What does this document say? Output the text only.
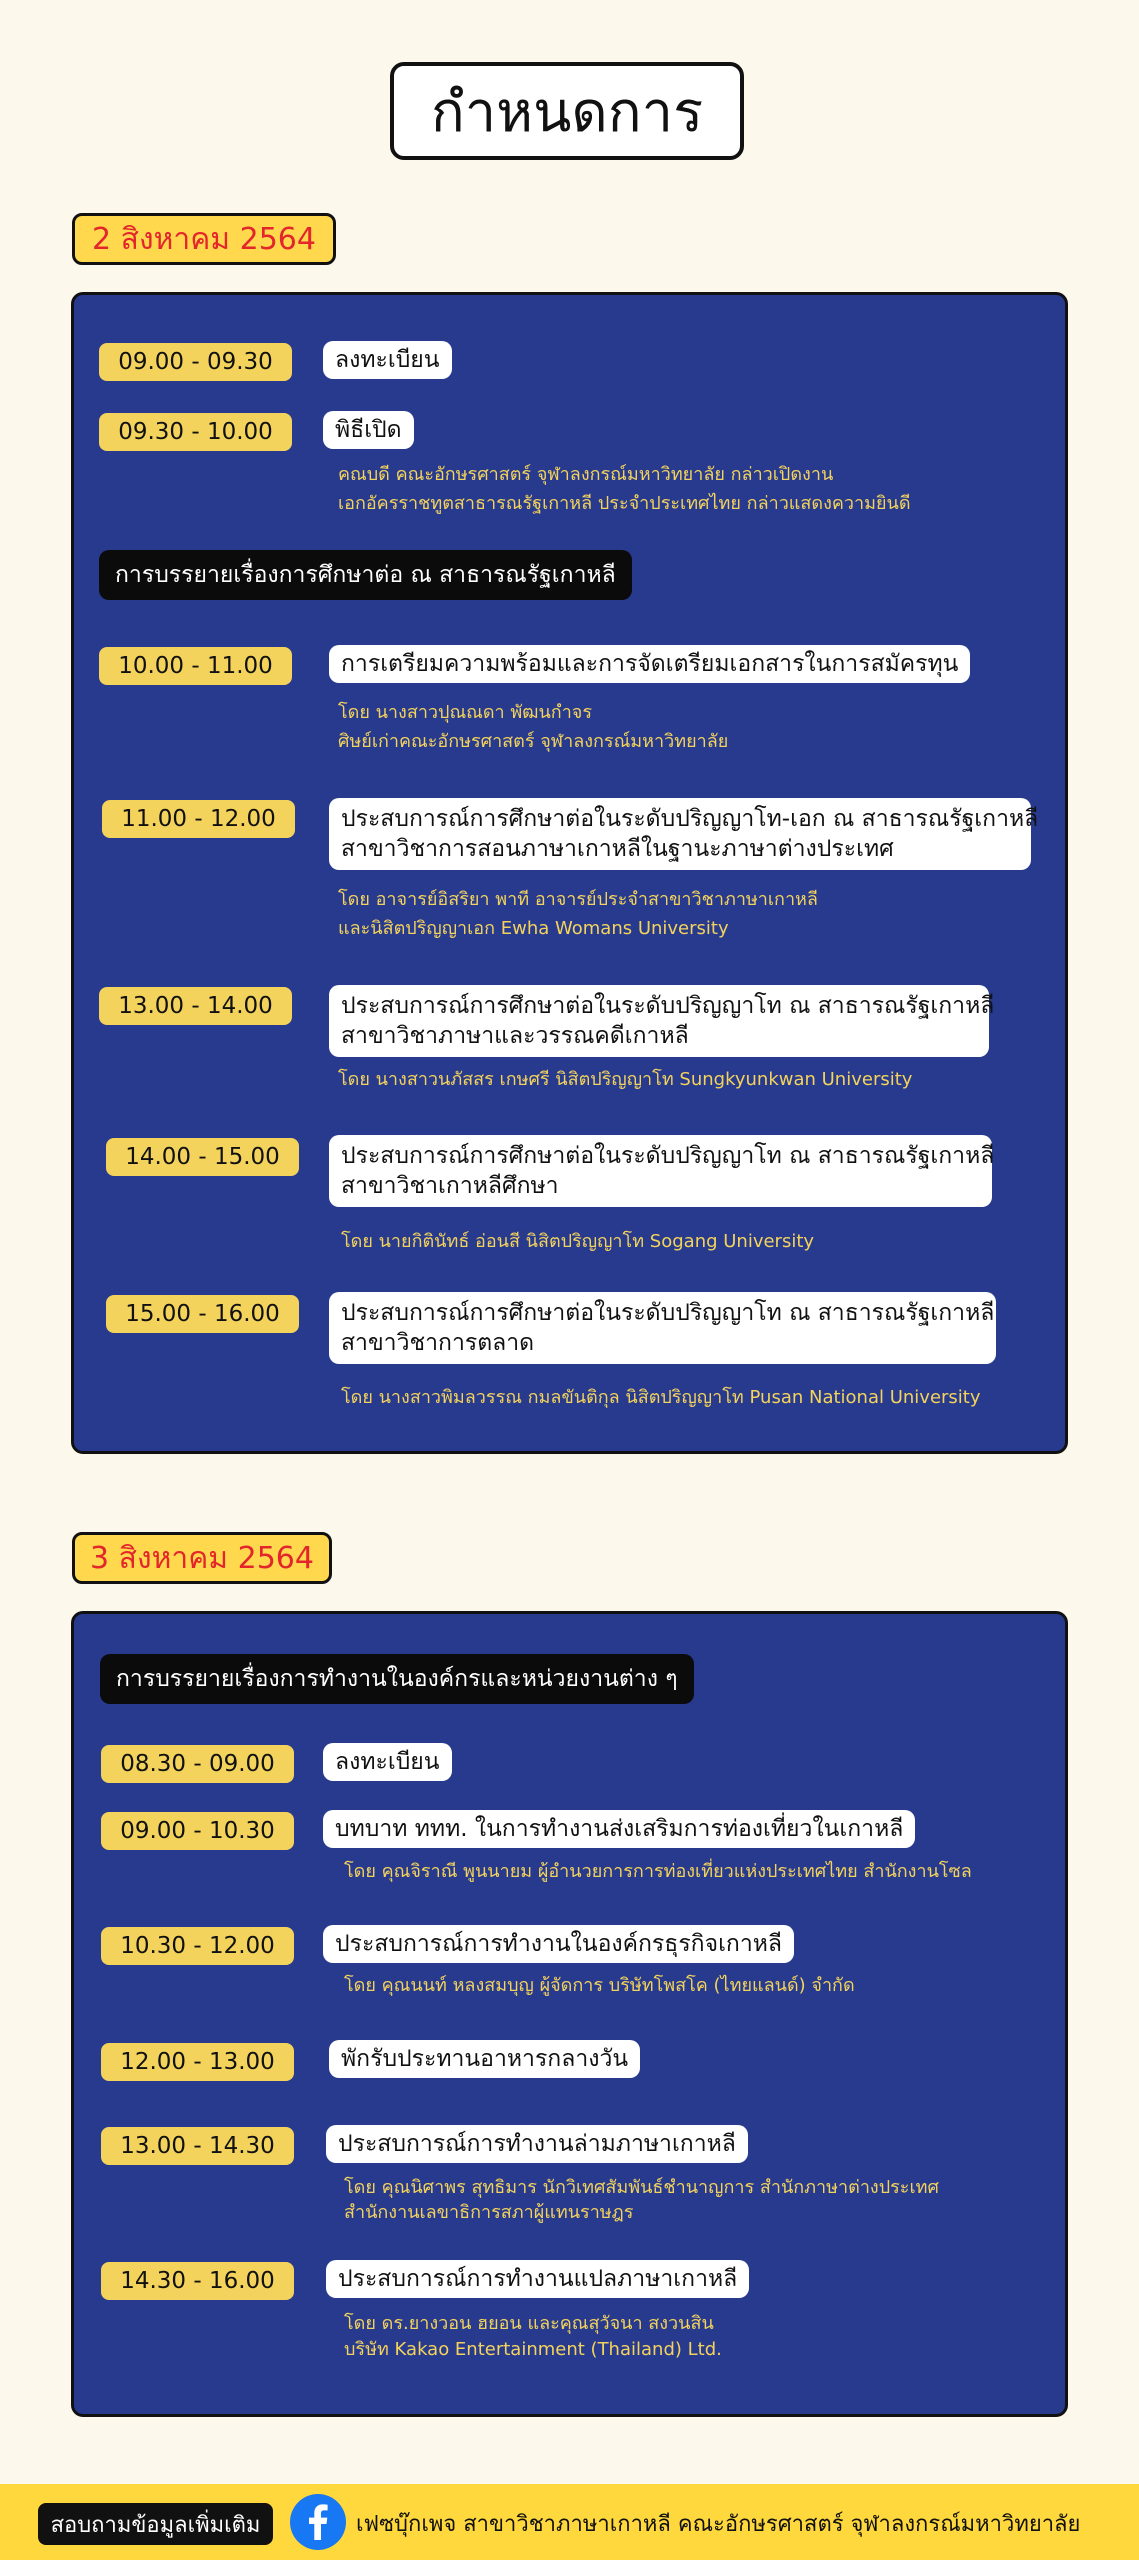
กำหนดการ
2 สิงหาคม 2564
09.00 - 09.30	ลงทะเบียน
09.30 - 10.00	พิธีเปิด
คณบดี คณะอักษรศาสตร์ จุฬาลงกรณ์มหาวิทยาลัย กล่าวเปิดงาน
เอกอัครราชทูตสาธารณรัฐเกาหลี ประจำประเทศไทย กล่าวแสดงความยินดี
การบรรยายเรื่องการศึกษาต่อ ณ สาธารณรัฐเกาหลี
10.00 - 11.00	การเตรียมความพร้อมและการจัดเตรียมเอกสารในการสมัครทุน
โดย นางสาวปุณณดา พัฒนกำจร
ศิษย์เก่าคณะอักษรศาสตร์ จุฬาลงกรณ์มหาวิทยาลัย
11.00 - 12.00	ประสบการณ์การศึกษาต่อในระดับปริญญาโท-เอก ณ สาธารณรัฐเกาหลี
สาขาวิชาการสอนภาษาเกาหลีในฐานะภาษาต่างประเทศ
โดย อาจารย์อิสริยา พาที อาจารย์ประจำสาขาวิชาภาษาเกาหลี
และนิสิตปริญญาเอก Ewha Womans University
13.00 - 14.00	ประสบการณ์การศึกษาต่อในระดับปริญญาโท ณ สาธารณรัฐเกาหลี
สาขาวิชาภาษาและวรรณคดีเกาหลี
โดย นางสาวนภัสสร เกษศรี นิสิตปริญญาโท Sungkyunkwan University
14.00 - 15.00	ประสบการณ์การศึกษาต่อในระดับปริญญาโท ณ สาธารณรัฐเกาหลี
สาขาวิชาเกาหลีศึกษา
โดย นายกิตินัทธ์ อ่อนสี นิสิตปริญญาโท Sogang University
15.00 - 16.00	ประสบการณ์การศึกษาต่อในระดับปริญญาโท ณ สาธารณรัฐเกาหลี
สาขาวิชาการตลาด
โดย นางสาวพิมลวรรณ กมลขันติกุล นิสิตปริญญาโท Pusan National University
3 สิงหาคม 2564
การบรรยายเรื่องการทำงานในองค์กรและหน่วยงานต่าง ๆ
08.30 - 09.00	ลงทะเบียน
09.00 - 10.30	บทบาท ททท. ในการทำงานส่งเสริมการท่องเที่ยวในเกาหลี
โดย คุณจิราณี พูนนายม ผู้อำนวยการการท่องเที่ยวแห่งประเทศไทย สำนักงานโซล
10.30 - 12.00	ประสบการณ์การทำงานในองค์กรธุรกิจเกาหลี
โดย คุณนนท์ หลงสมบุญ ผู้จัดการ บริษัทโพสโค (ไทยแลนด์) จำกัด
12.00 - 13.00	พักรับประทานอาหารกลางวัน
13.00 - 14.30	ประสบการณ์การทำงานล่ามภาษาเกาหลี
โดย คุณนิศาพร สุทธิมาร นักวิเทศสัมพันธ์ชำนาญการ สำนักภาษาต่างประเทศ
สำนักงานเลขาธิการสภาผู้แทนราษฎร
14.30 - 16.00	ประสบการณ์การทำงานแปลภาษาเกาหลี
โดย ดร.ยางวอน ฮยอน และคุณสุวัจนา สงวนสิน
บริษัท Kakao Entertainment (Thailand) Ltd.
สอบถามข้อมูลเพิ่มเติม	เฟซบุ๊กเพจ สาขาวิชาภาษาเกาหลี คณะอักษรศาสตร์ จุฬาลงกรณ์มหาวิทยาลัย
